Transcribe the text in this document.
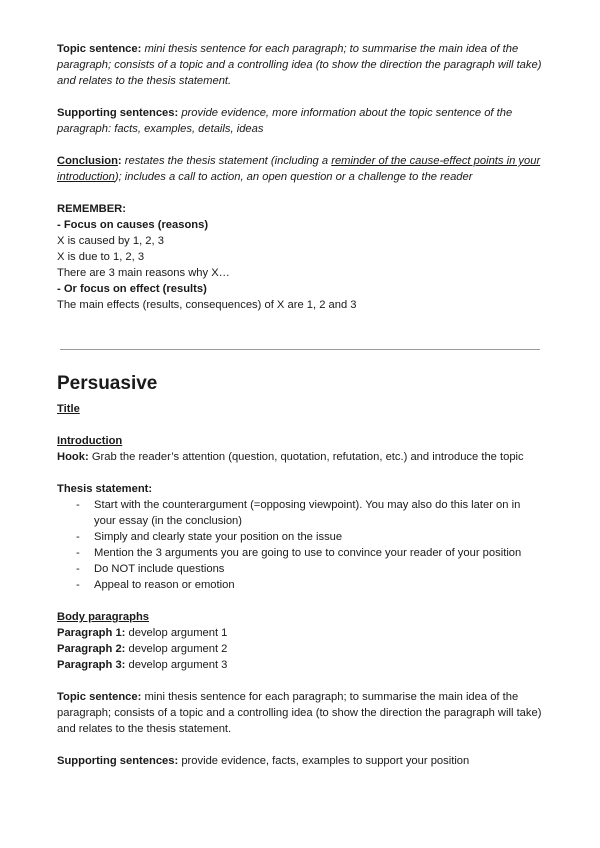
Topic sentence: mini thesis sentence for each paragraph; to summarise the main idea of the paragraph; consists of a topic and a controlling idea (to show the direction the paragraph will take) and relates to the thesis statement.

Supporting sentences: provide evidence, more information about the topic sentence of the paragraph: facts, examples, details, ideas

Conclusion: restates the thesis statement (including a reminder of the cause-effect points in your introduction); includes a call to action, an open question or a challenge to the reader

REMEMBER:

- Focus on causes (reasons)

X is caused by 1, 2, 3

X is due to 1, 2, 3

There are 3 main reasons why X…

- Or focus on effect (results)

The main effects (results, consequences) of X are 1, 2 and 3

Persuasive

Title

Introduction

Hook: Grab the reader’s attention (question, quotation, refutation, etc.) and introduce the topic

Thesis statement:

- Start with the counterargument (=opposing viewpoint). You may also do this later on in your essay (in the conclusion)
- Simply and clearly state your position on the issue
- Mention the 3 arguments you are going to use to convince your reader of your position
- Do NOT include questions
- Appeal to reason or emotion

Body paragraphs

Paragraph 1: develop argument 1

Paragraph 2: develop argument 2

Paragraph 3: develop argument 3

Topic sentence: mini thesis sentence for each paragraph; to summarise the main idea of the paragraph; consists of a topic and a controlling idea (to show the direction the paragraph will take) and relates to the thesis statement.

Supporting sentences: provide evidence, facts, examples to support your position
